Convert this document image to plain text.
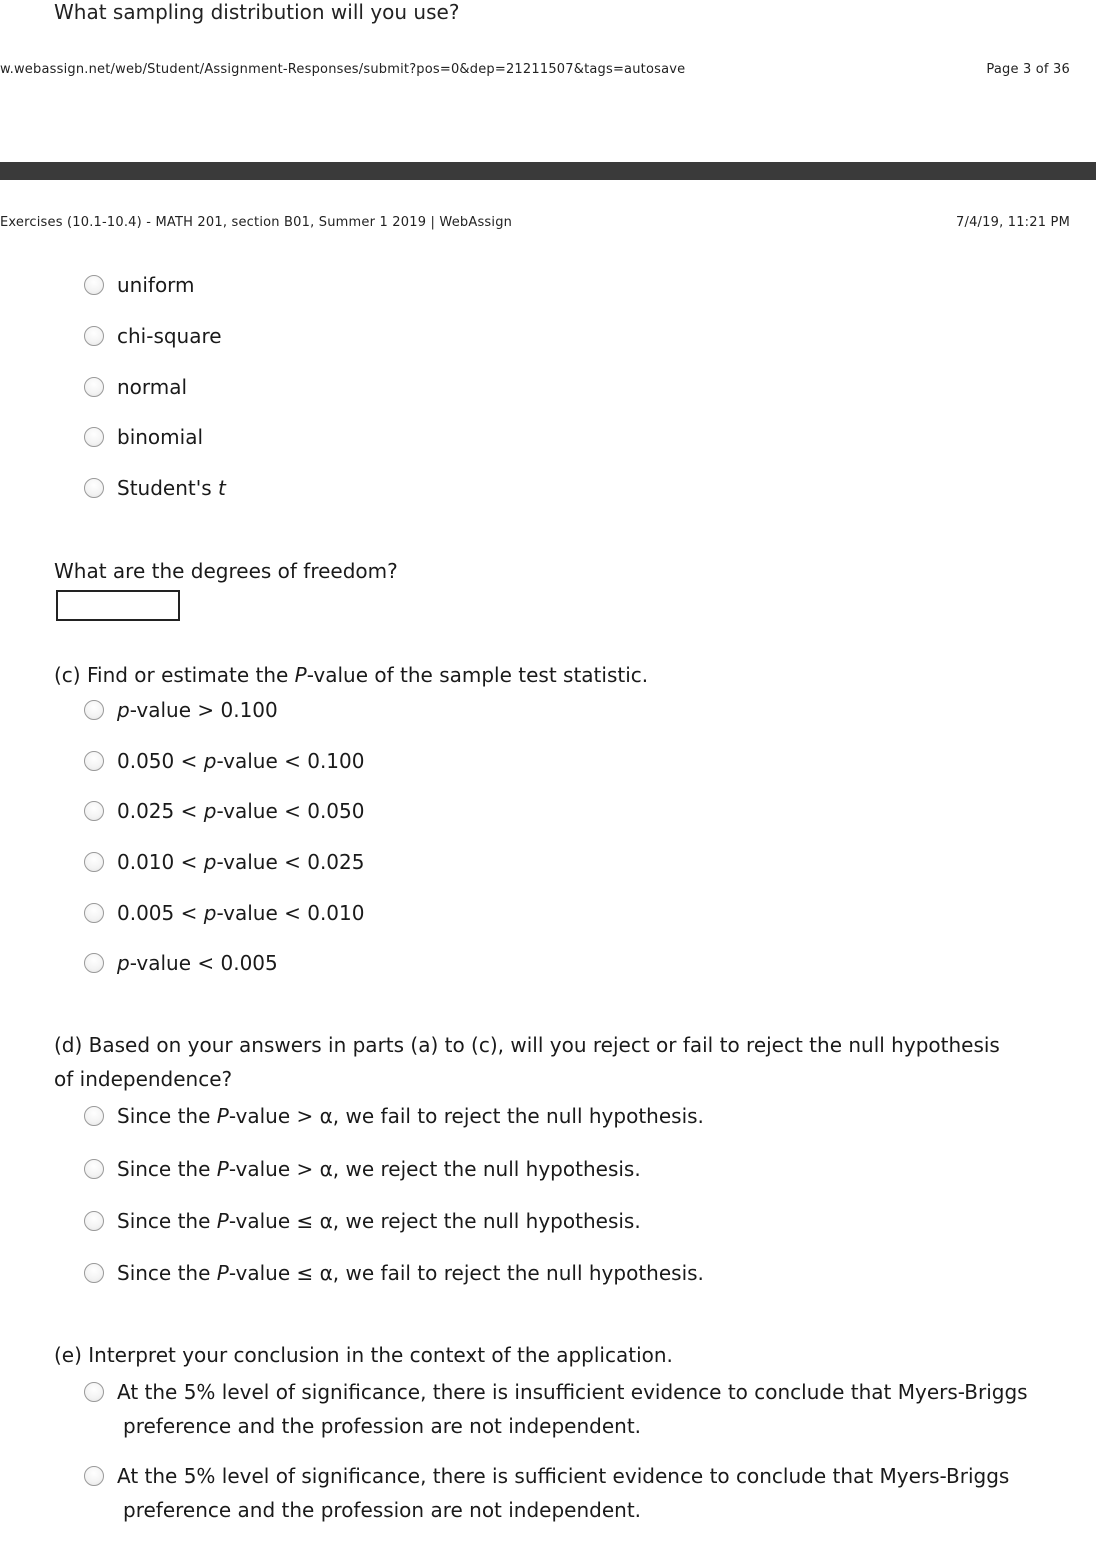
What sampling distribution will you use?
w.webassign.net/web/Student/Assignment-Responses/submit?pos=0&dep=21211507&tags=autosave	Page 3 of 36
Exercises (10.1-10.4) - MATH 201, section B01, Summer 1 2019 | WebAssign	7/4/19, 11:21 PM
uniform
chi-square
normal
binomial
Student's t
What are the degrees of freedom?
(c) Find or estimate the P-value of the sample test statistic.
p-value > 0.100
0.050 < p-value < 0.100
0.025 < p-value < 0.050
0.010 < p-value < 0.025
0.005 < p-value < 0.010
p-value < 0.005
(d) Based on your answers in parts (a) to (c), will you reject or fail to reject the null hypothesis
of independence?
Since the P-value > α, we fail to reject the null hypothesis.
Since the P-value > α, we reject the null hypothesis.
Since the P-value ≤ α, we reject the null hypothesis.
Since the P-value ≤ α, we fail to reject the null hypothesis.
(e) Interpret your conclusion in the context of the application.
At the 5% level of significance, there is insufficient evidence to conclude that Myers-Briggs
preference and the profession are not independent.
At the 5% level of significance, there is sufficient evidence to conclude that Myers-Briggs
preference and the profession are not independent.
